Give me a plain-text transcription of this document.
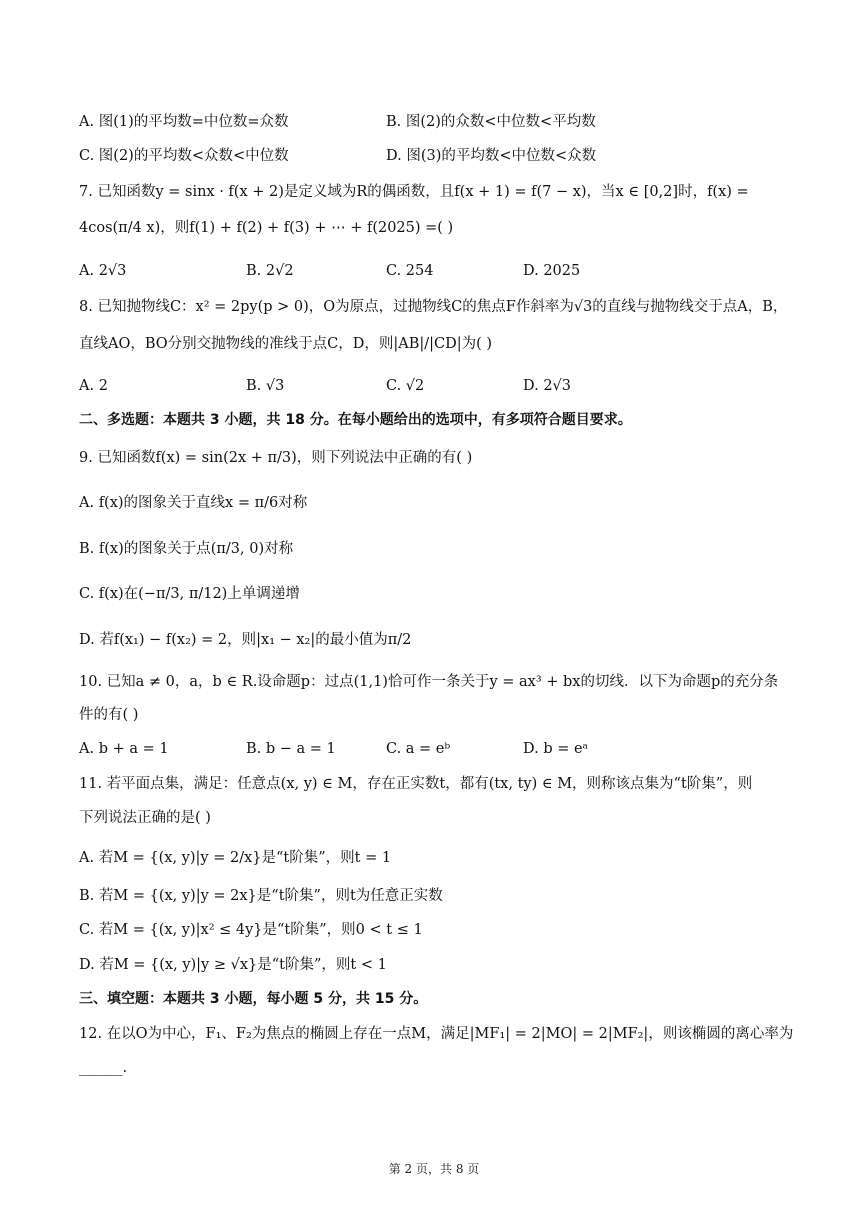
A. 图(1)的平均数=中位数=众数	B. 图(2)的众数<中位数<平均数
C. 图(2)的平均数<众数<中位数	D. 图(3)的平均数<中位数<众数
7. 已知函数y = sinx · f(x + 2)是定义域为R的偶函数，且f(x + 1) = f(7 − x)，当x ∈ [0,2]时，f(x) =
4cos(π/4 x)，则f(1) + f(2) + f(3) + ⋯ + f(2025) =( )
A. 2√3	B. 2√2	C. 254	D. 2025
8. 已知抛物线C：x² = 2py(p > 0)，O为原点，过抛物线C的焦点F作斜率为√3的直线与抛物线交于点A，B，
直线AO，BO分别交抛物线的准线于点C，D，则|AB|/|CD|为( )
A. 2	B. √3	C. √2	D. 2√3
二、多选题：本题共 3 小题，共 18 分。在每小题给出的选项中，有多项符合题目要求。
9. 已知函数f(x) = sin(2x + π/3)，则下列说法中正确的有( )
A. f(x)的图象关于直线x = π/6对称
B. f(x)的图象关于点(π/3, 0)对称
C. f(x)在(−π/3, π/12)上单调递增
D. 若f(x₁) − f(x₂) = 2，则|x₁ − x₂|的最小值为π/2
10. 已知a ≠ 0，a，b ∈ R.设命题p：过点(1,1)恰可作一条关于y = ax³ + bx的切线．以下为命题p的充分条
件的有( )
A. b + a = 1	B. b − a = 1	C. a = eᵇ	D. b = eᵃ
11. 若平面点集，满足：任意点(x, y) ∈ M，存在正实数t，都有(tx, ty) ∈ M，则称该点集为“t阶集”，则
下列说法正确的是( )
A. 若M = {(x, y)|y = 2/x}是“t阶集”，则t = 1
B. 若M = {(x, y)|y = 2x}是“t阶集”，则t为任意正实数
C. 若M = {(x, y)|x² ≤ 4y}是“t阶集”，则0 < t ≤ 1
D. 若M = {(x, y)|y ≥ √x}是“t阶集”，则t < 1
三、填空题：本题共 3 小题，每小题 5 分，共 15 分。
12. 在以O为中心，F₁、F₂为焦点的椭圆上存在一点M，满足|MF₁| = 2|MO| = 2|MF₂|，则该椭圆的离心率为
______.
第 2 页，共 8 页
